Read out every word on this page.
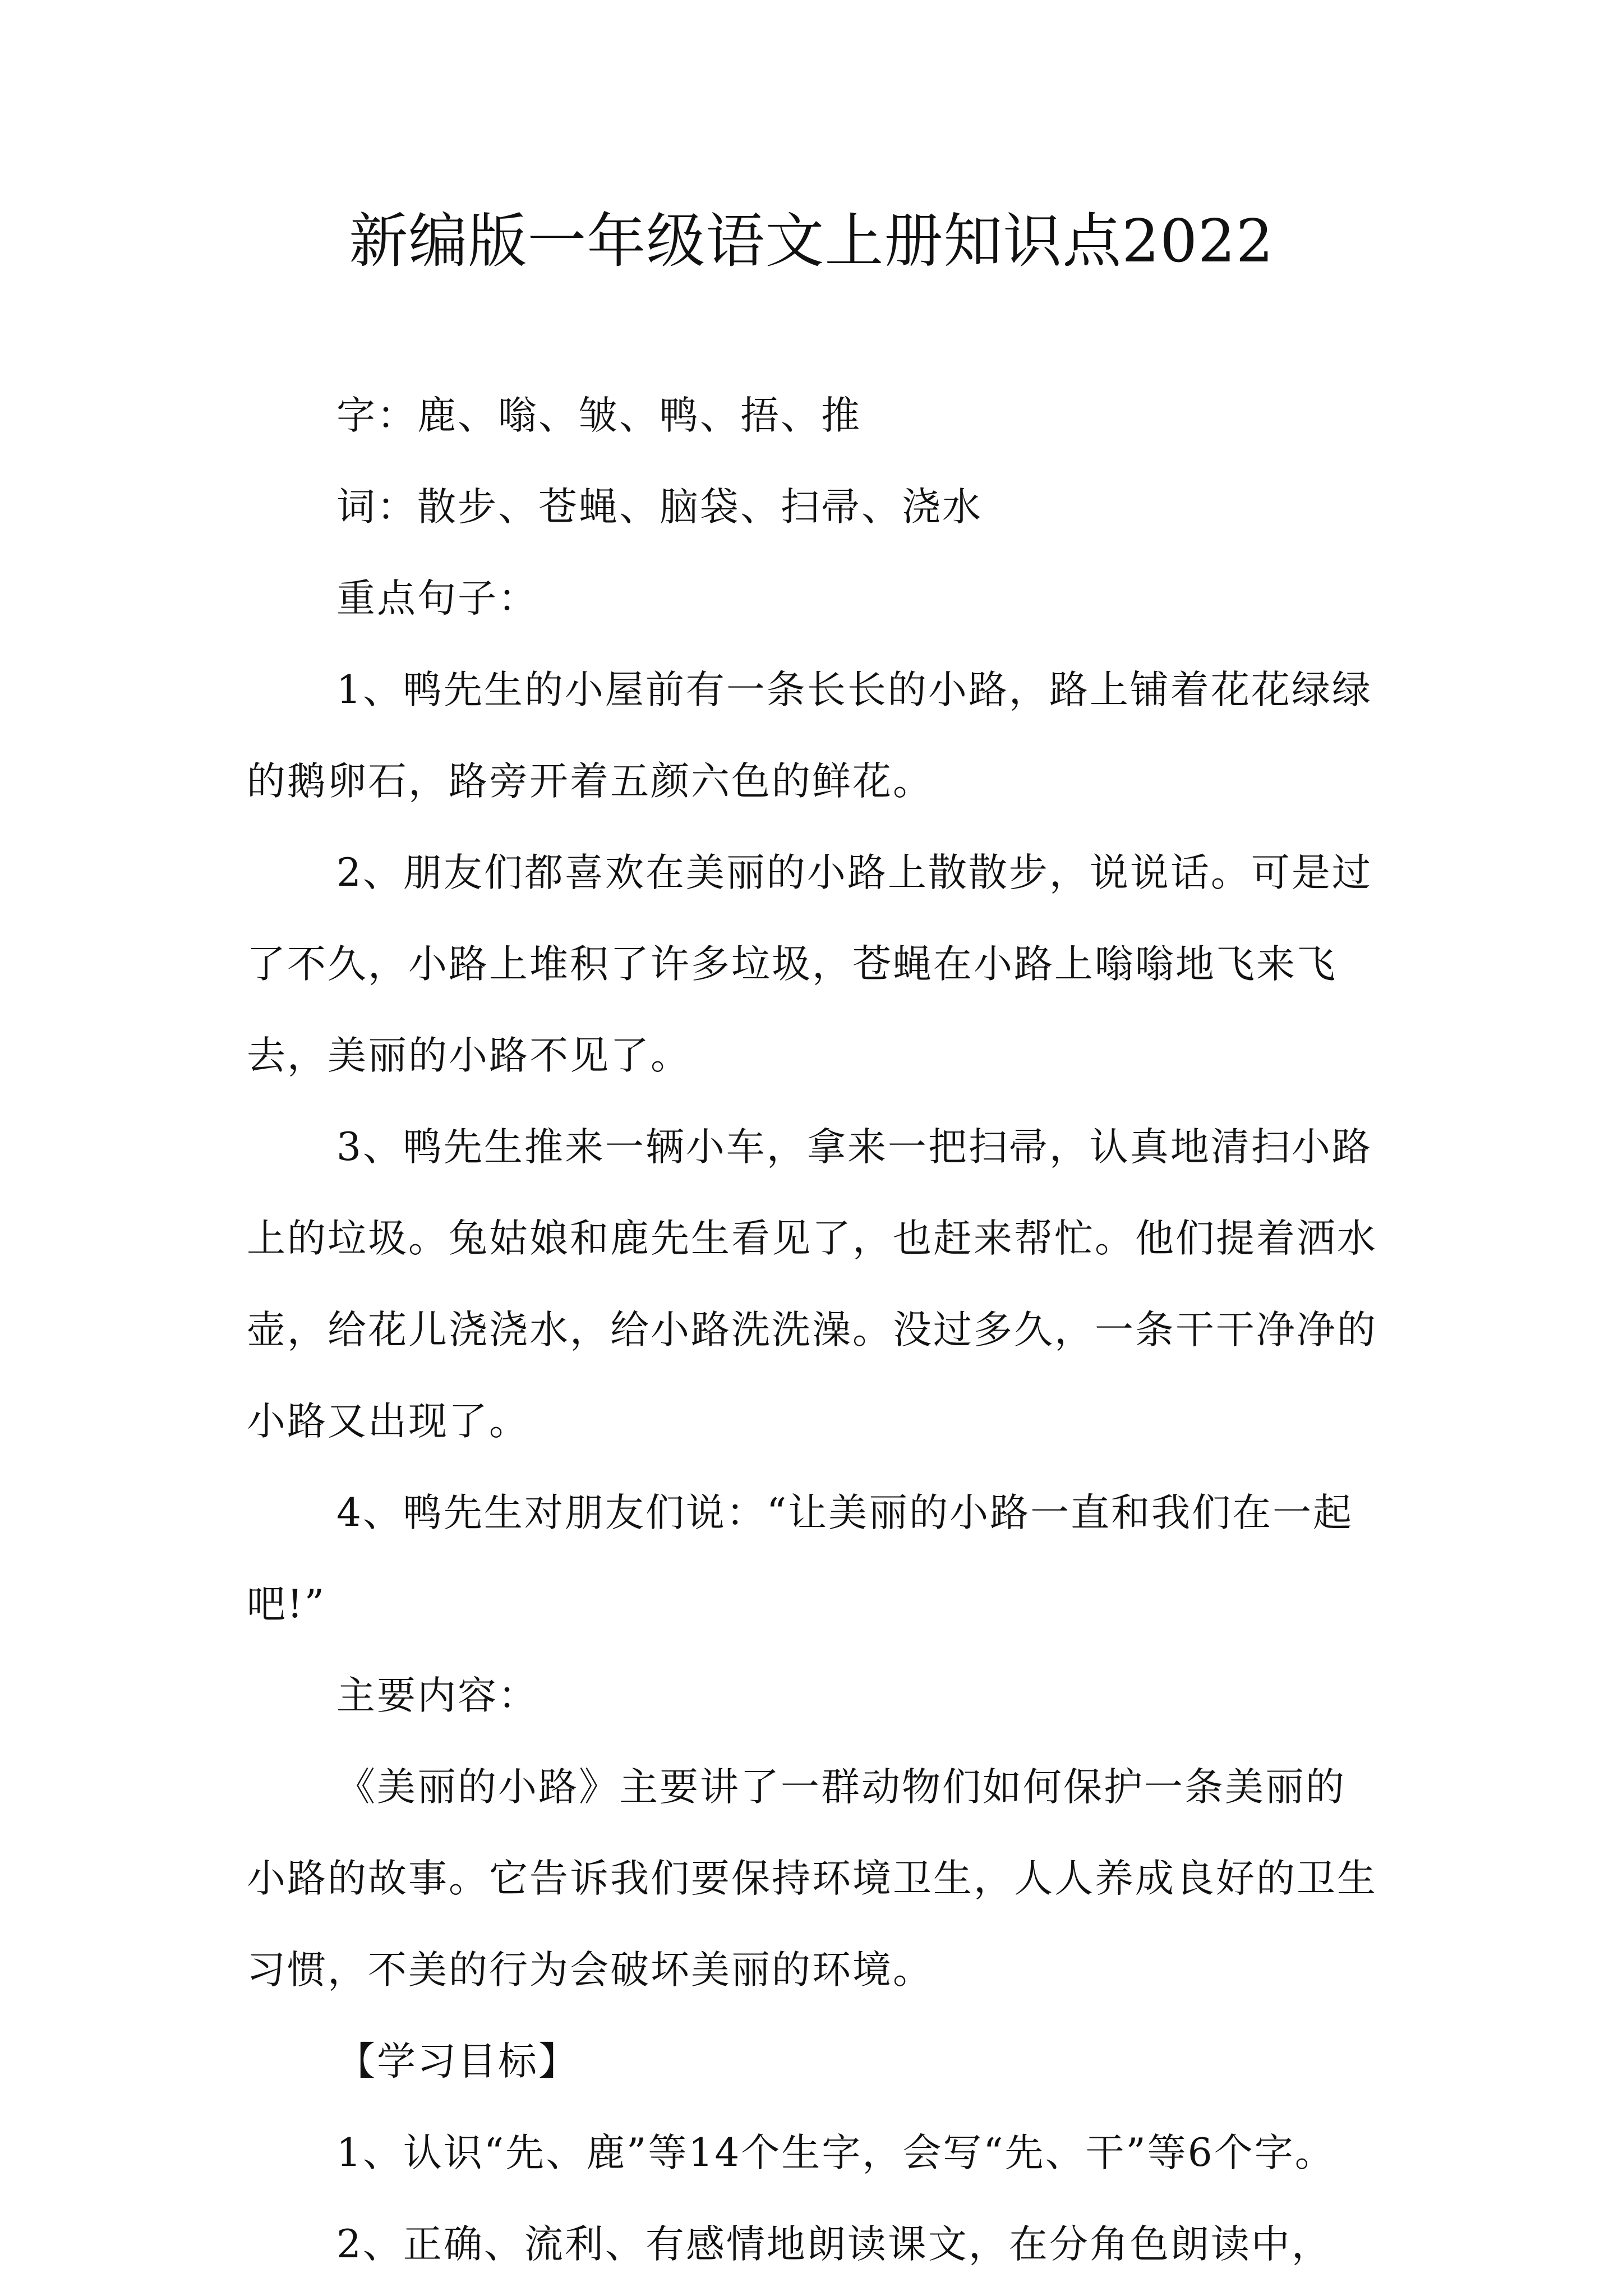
新编版一年级语文上册知识点2022

字：鹿、嗡、皱、鸭、捂、推

词：散步、苍蝇、脑袋、扫帚、浇水

重点句子：

1、鸭先生的小屋前有一条长长的小路，路上铺着花花绿绿的鹅卵石，路旁开着五颜六色的鲜花。

2、朋友们都喜欢在美丽的小路上散散步，说说话。可是过了不久，小路上堆积了许多垃圾，苍蝇在小路上嗡嗡地飞来飞去，美丽的小路不见了。

3、鸭先生推来一辆小车，拿来一把扫帚，认真地清扫小路上的垃圾。兔姑娘和鹿先生看见了，也赶来帮忙。他们提着洒水壶，给花儿浇浇水，给小路洗洗澡。没过多久，一条干干净净的小路又出现了。

4、鸭先生对朋友们说：“让美丽的小路一直和我们在一起吧!”

主要内容：

《美丽的小路》主要讲了一群动物们如何保护一条美丽的小路的故事。它告诉我们要保持环境卫生，人人养成良好的卫生习惯，不美的行为会破坏美丽的环境。

【学习目标】

1、认识“先、鹿”等14个生字，会写“先、干”等6个字。

2、正确、流利、有感情地朗读课文，在分角色朗读中，
